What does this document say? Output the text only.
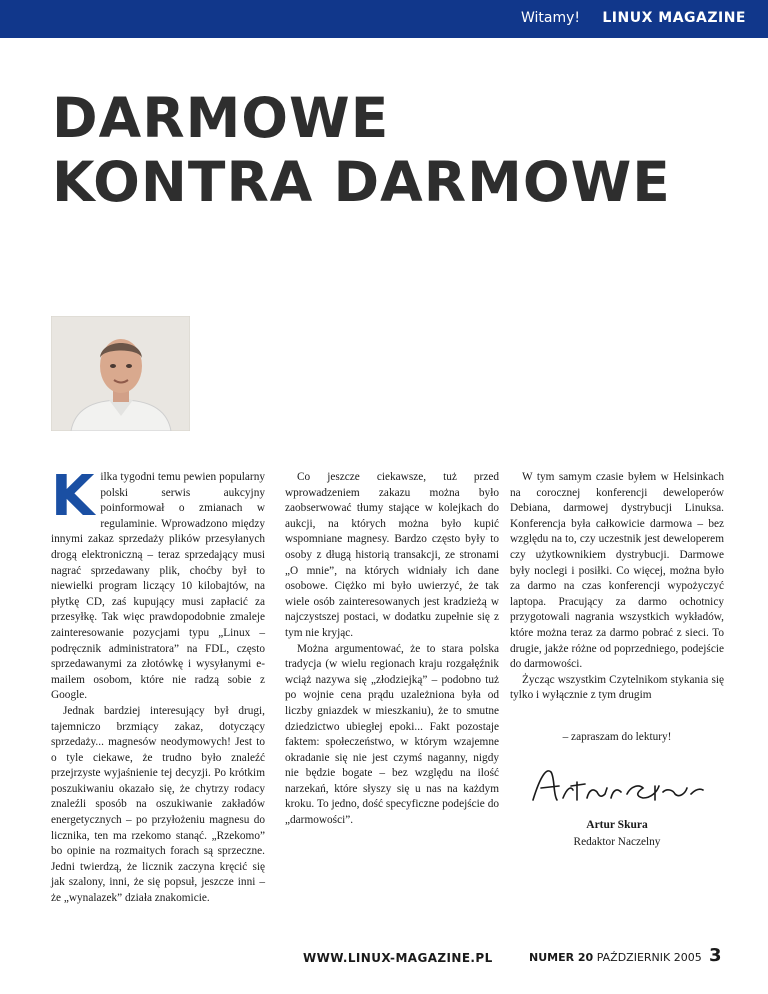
Witamy! LINUX MAGAZINE
DARMOWE
KONTRA DARMOWE

Kilka tygodni temu pewien popularny polski serwis aukcyjny poinformował o zmianach w regulaminie. Wprowadzono między innymi zakaz sprzedaży plików przesyłanych drogą elektroniczną – teraz sprzedający musi nagrać sprzedawany plik, choćby był to niewielki program liczący 10 kilobajtów, na płytkę CD, zaś kupujący musi zapłacić za przesyłkę. Tak więc prawdopodobnie zmaleje zainteresowanie pozycjami typu „Linux – podręcznik administratora” na FDL, często sprzedawanymi za złotówkę i wysyłanymi e-mailem osobom, które nie radzą sobie z Google.

Jednak bardziej interesujący był drugi, tajemniczo brzmiący zakaz, dotyczący sprzedaży... magnesów neodymowych! Jest to o tyle ciekawe, że trudno było znaleźć przejrzyste wyjaśnienie tej decyzji. Po krótkim poszukiwaniu okazało się, że chytrzy rodacy znaleźli sposób na oszukiwanie zakładów energetycznych – po przyłożeniu magnesu do licznika, ten ma rzekomo stanąć. „Rzekomo” bo opinie na rozmaitych forach są sprzeczne. Jedni twierdzą, że licznik zaczyna kręcić się jak szalony, inni, że się popsuł, jeszcze inni – że „wynalazek” działa znakomicie.

Co jeszcze ciekawsze, tuż przed wprowadzeniem zakazu można było zaobserwować tłumy stające w kolejkach do aukcji, na których można było kupić wspomniane magnesy. Bardzo często były to osoby z długą historią transakcji, ze stronami „O mnie”, na których widniały ich dane osobowe. Ciężko mi było uwierzyć, że tak wiele osób zainteresowanych jest kradzieżą w najczystszej postaci, w dodatku zupełnie się z tym nie kryjąc.

Można argumentować, że to stara polska tradycja (w wielu regionach kraju rozgałęźnik wciąż nazywa się „złodziejką” – podobno tuż po wojnie cena prądu uzależniona była od liczby gniazdek w mieszkaniu), że to smutne dziedzictwo ubiegłej epoki... Fakt pozostaje faktem: społeczeństwo, w którym wzajemne okradanie się nie jest czymś naganny, nigdy nie będzie bogate – bez względu na ilość narzekań, które słyszy się u nas na każdym kroku. To jedno, dość specyficzne podejście do „darmowości”.

W tym samym czasie byłem w Helsinkach na corocznej konferencji deweloperów Debiana, darmowej dystrybucji Linuksa. Konferencja była całkowicie darmowa – bez względu na to, czy uczestnik jest deweloperem czy użytkownikiem dystrybucji. Darmowe były noclegi i posiłki. Co więcej, można było za darmo na czas konferencji wypożyczyć laptopa. Pracujący za darmo ochotnicy przygotowali nagrania wszystkich wykładów, które można teraz za darmo pobrać z sieci. To drugie, jakże różne od poprzedniego, podejście do darmowości.

Życząc wszystkim Czytelnikom stykania się tylko i wyłącznie z tym drugim

– zapraszam do lektury!
Artur Skura
Redaktor Naczelny
WWW.LINUX-MAGAZINE.PL	NUMER 20 PAŹDZIERNIK 2005 3
